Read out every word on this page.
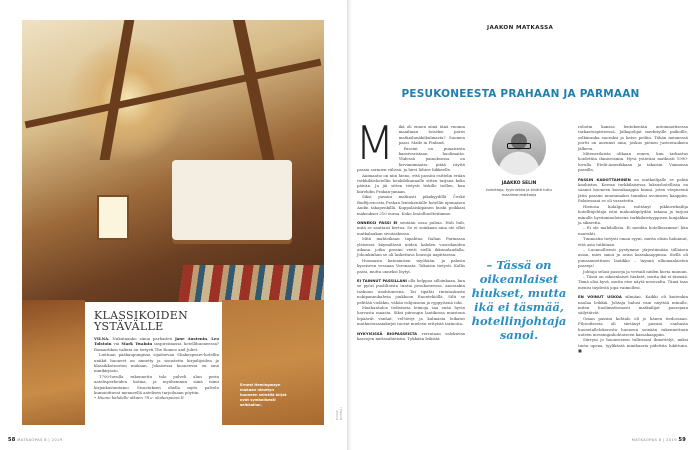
Ernest Hemingwayn mukaan nimetyn huoneen seinällä kirjat ovat symbolisesti seikkailun.
KLASSIKOIDEN
YSTÄVÄLLE

VILNA. Nukutaanko sinua parhaiten Jane Austenin, Leo Tolstoin vai Mark Twainin inspiroimassa hotellihuoneessa? Romantikon valinta on tietysti The Romeo and Juliet.

Liettuan pääkaupungissa sijaitsevan Shakespeare-hotellin uniikit huoneet on nimetty ja sisustettu kirjailijoiden ja klassikkoteosten mukaan. Jokaisessa huoneessa on oma minikirjasto.

1700-luvulla rakennettu talo palveli alun perin aatelisperheiden kotina, ja myöhemmin siinä toimi kirjankustantamo. Sisustuksen ohella myös palvelu kunnioittavat menneellä aatelisen tarjoiluaan pöytiin.

• Huone kahdelle alkaen 78 e. shakespeare.lt

58 MATKAOPAS 8 | 2019
KUVAT: HOTELLI
JAAKON MATKASSA
PESUKONEESTA PRAHAAN JA PARMAAN
M	ikä oli ennen siinä tänä vuonna maailman toiseksi paras matkailunäkökulmasta? Suomen passi. Made in Finland.

Passini on punaisesta kansivaristaan huolimatta. Yhdessä painoksessa on hirvianimaatio: pitää räyttä passia sormien välissä, ja hirvi lähtee liikkeelle.

Animaatio on niin hieno, että passini esittelin erään tsekkiläishotellin henkilökunnalle sitten tarjana koko päivän. Ja jäi sitten tietysti tiskille tiellen, kun kiirehdin Prahan-junaan.

Siksi passini matkusti pikakyydillä České Budějovicesta Prahan lentokentälle hotellin apunaisen Audin takapenkillä. Kuppalaiskipänen kuski poikkasi maksukset 210 euroa. Koko lentolhuoltetiimme.

ONNEKSI PASSI EI sentään osaa puhua. Huh huh, mitä se saattaisi kertoa. Se ei suinkaan aina ole ollut matkalaukun sivutaskussa.

Mitä mahtoikaan tapahtua Italian Parmassa yleisessä käymälässä niiden kahden vuorokauden aikana, jotka passini vietti siellä ikkunalaudalla. Johonkinhan se oli laskettava housuja napittaessa.

Huomasin katoamisen myöhään, ja palasin kyseiseen vessaan Veronasta. Takaisin tietysti. Kallis passi, mutta onneksi löytyi.

EI TAINNUT PASSILLANI olla helppoa silloinkaan, kun se pyöri puoliltoista tuntia pesukoneessa, anoraakin taskuun unohtuneena. Tai tipahti rintataskusta nokipannukahvin joukkoon Enontekiöllä. Silti se pelittää vieläkin, vähän ruhjuisena ja ryppyisenä toki.

Maahantuloa todistavia leimoja saa enää hyvin harvasta maasta. Siksi piirongin laatikossa muistona lepäävät vanhat, vel'tietyt ja kulmasta leikatut matkustusasiakirjat tuovat mieleen erityisiä tarinoita.

NYKYISISSÄ BIOPASSEISTA verrataan valokuvaa kasvojen mittasuhteisiin. Tykkään leikistä

JAAKKO SELIN
toimittaja, tyyliniekka ja tiivätä tuttu maailmanmatkaaja
– Tässä on oikeanlaiset hiukset, mutta ikä ei täsmää, hotellinjohtaja sanoi.

robotin kanssa lentokentän automaattisessa tarkastuspisteessä. Jalkapohjat merkityille paikoille, selkäranka suoraksi ja katse peiliin. Tähän mennessä portti on auennut aina, joskus pienen justeerauksen jälkeen.

Mitenerilaista olikaan ennen, kun tarkastus hoidettiin ihmisvoimin. Hyvä ystäväni matkusti 1990-luvulla Etelä-Amerikkaan ja takaisin. Vaimonsa passilla.

PASSIN KADOTTAMINEN on matkailijalle se pahin kauhistus. Kerran turkkilaisessa luksushotellissa en saanut huoneen kassakaappia kiinni, joten väsyneenä jätin passini muutamaksi tunniksi avoimeen kaappiin. Palatessani se oli varastettu.

Hienosa hidalgoa esittänyt pikkuvirkailija hotellinjohtaja istui mahonkipöydän takana ja tarjosi minulle hyvänmuuloisena turkkilaistyyppisen konjakkia ja sikareita.

– Ei ole mahdollista. Ei meidän hotellissamme! hän naurahti.

Tunnustin tietysti oman syyni, mutta olisin halunnut, että asia tutkitaan.

– Luonnollisesti pystymme järjestämään tällaisen asian, mies sanoi ja avasi kassakaappinsa. Siellä oli punasamettinen laatikko – täynnä ulkomaalaisten passeja!

Johtaja selasi passeja ja vertaili niiden kuvia minuun.

– Tässä on oikeanlaiset hiukset, mutta ikä ei täsmää. Tämä olisi hyvä, mutta etse näytä neeuvalta. Tämä taas menisi täydestä jopa vaimollesi.

EN VOINUT USKOA silmiäni. Kaikki oli kuitenkin naulaa leikkiä. Johtaja halusi vain näyttää minulle, miten huolimattomasti matkailijat passejaan säilyttävät.

Oman passini kohtalo oli jo hänen tiedossaan. Filosofisesta oli siirtänyt passini vanhasta huonetallelokerosta huoneen seinään rakennettuun uuteen messinginhohtoiseen kassakaappiin.

Siirryin jo huoneeseen tullessani ihmettelyt, miksi tuota upeaa, tyylikästä minibaaria pidettiin lukittuna. ■

MATKAOPAS 8 | 2019 59
